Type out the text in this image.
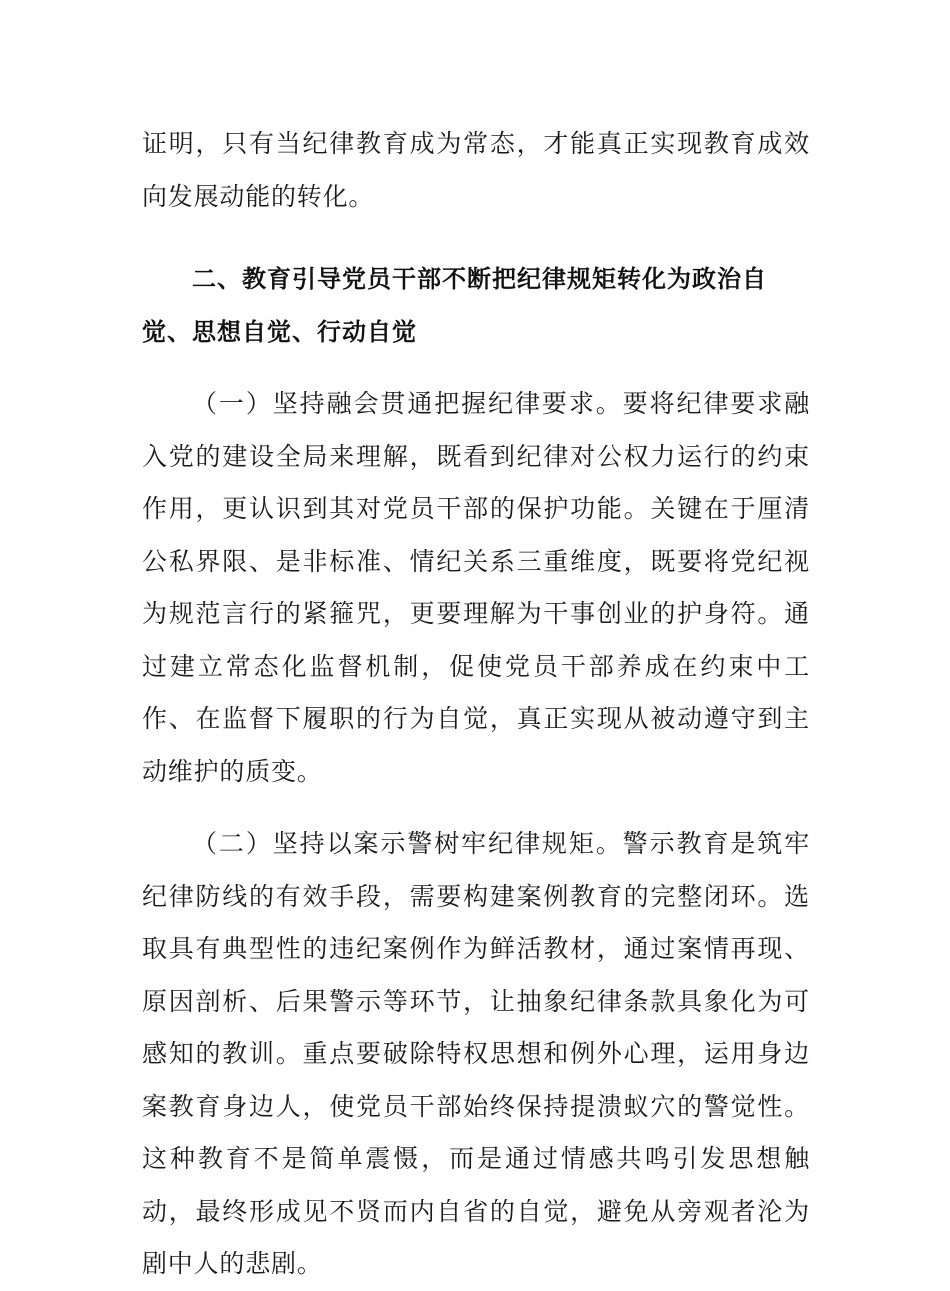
证明，只有当纪律教育成为常态，才能真正实现教育成效向发展动能的转化。

二、教育引导党员干部不断把纪律规矩转化为政治自觉、思想自觉、行动自觉

（一）坚持融会贯通把握纪律要求。要将纪律要求融入党的建设全局来理解，既看到纪律对公权力运行的约束作用，更认识到其对党员干部的保护功能。关键在于厘清公私界限、是非标准、情纪关系三重维度，既要将党纪视为规范言行的紧箍咒，更要理解为干事创业的护身符。通过建立常态化监督机制，促使党员干部养成在约束中工作、在监督下履职的行为自觉，真正实现从被动遵守到主动维护的质变。

（二）坚持以案示警树牢纪律规矩。警示教育是筑牢纪律防线的有效手段，需要构建案例教育的完整闭环。选取具有典型性的违纪案例作为鲜活教材，通过案情再现、原因剖析、后果警示等环节，让抽象纪律条款具象化为可感知的教训。重点要破除特权思想和例外心理，运用身边案教育身边人，使党员干部始终保持提溃蚁穴的警觉性。这种教育不是简单震慑，而是通过情感共鸣引发思想触动，最终形成见不贤而内自省的自觉，避免从旁观者沦为剧中人的悲剧。
